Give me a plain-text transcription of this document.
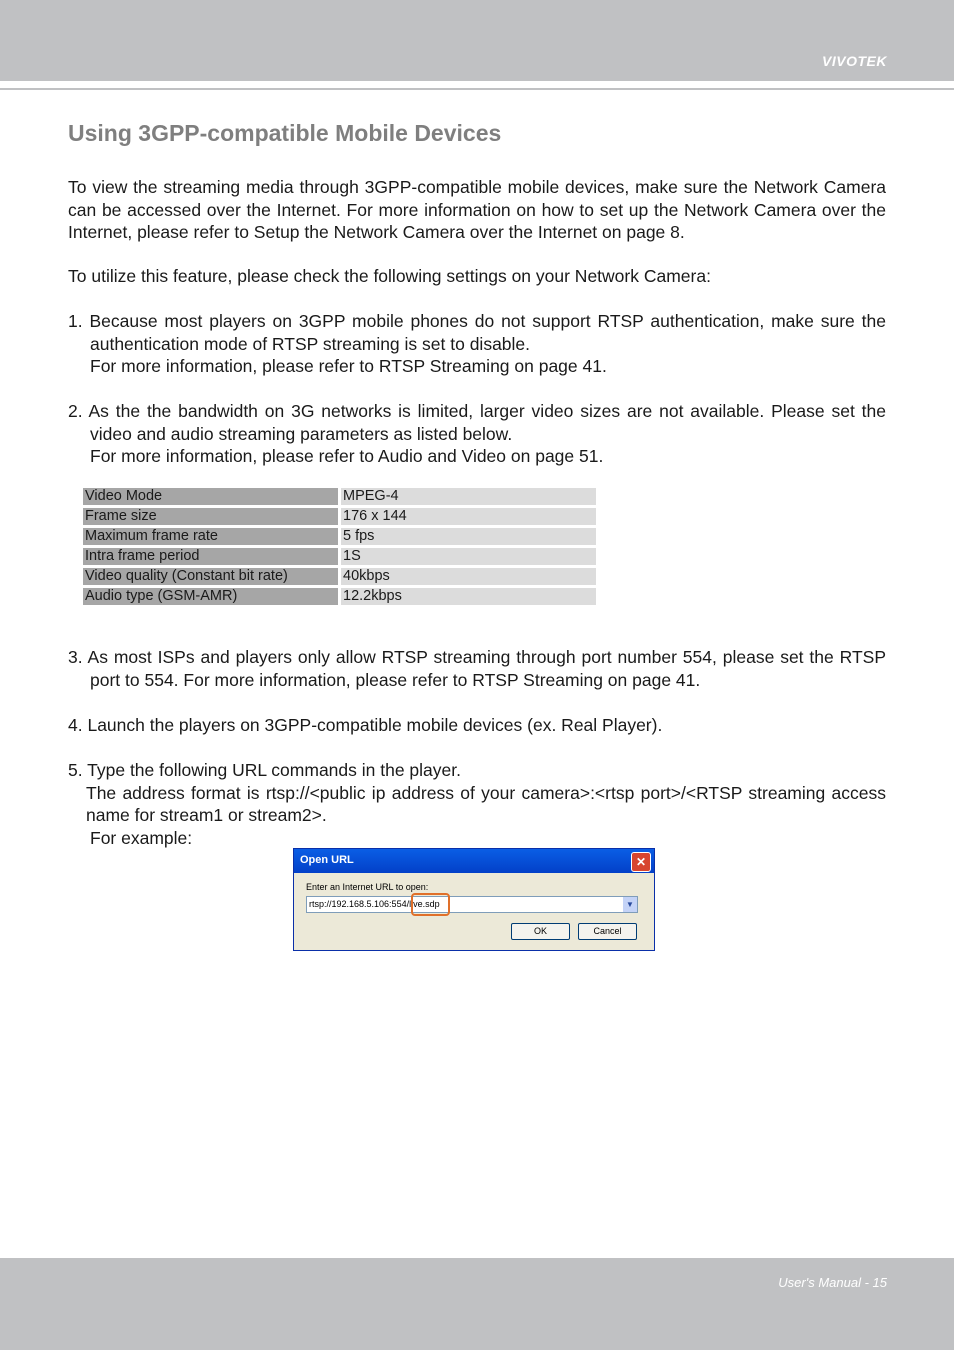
VIVOTEK
Using 3GPP-compatible Mobile Devices

To view the streaming media through 3GPP-compatible mobile devices, make sure the Network Camera can be accessed over the Internet. For more information on how to set up the Network Camera over the Internet, please refer to Setup the Network Camera over the Internet on page 8.

To utilize this feature, please check the following settings on your Network Camera:

1. Because most players on 3GPP mobile phones do not support RTSP authentication, make sure the authentication mode of RTSP streaming is set to disable.
For more information, please refer to RTSP Streaming on page 41.
2. As the the bandwidth on 3G networks is limited, larger video sizes are not available. Please set the video and audio streaming parameters as listed below.
For more information, please refer to Audio and Video on page 51.
Video Mode	MPEG-4
Frame size	176 x 144
Maximum frame rate	5 fps
Intra frame period	1S
Video quality (Constant bit rate)	40kbps
Audio type (GSM-AMR)	12.2kbps

3. As most ISPs and players only allow RTSP streaming through port number 554, please set the RTSP port to 554. For more information, please refer to RTSP Streaming on page 41.

4. Launch the players on 3GPP-compatible mobile devices (ex. Real Player).

5. Type the following URL commands in the player.
The address format is rtsp://<public ip address of your camera>:<rtsp port>/<RTSP streaming access name for stream1 or stream2>.
For example:
Open URL	✕
Enter an Internet URL to open:
rtsp://192.168.5.106:554/live.sdp	▼
OK	Cancel
User's Manual - 15
